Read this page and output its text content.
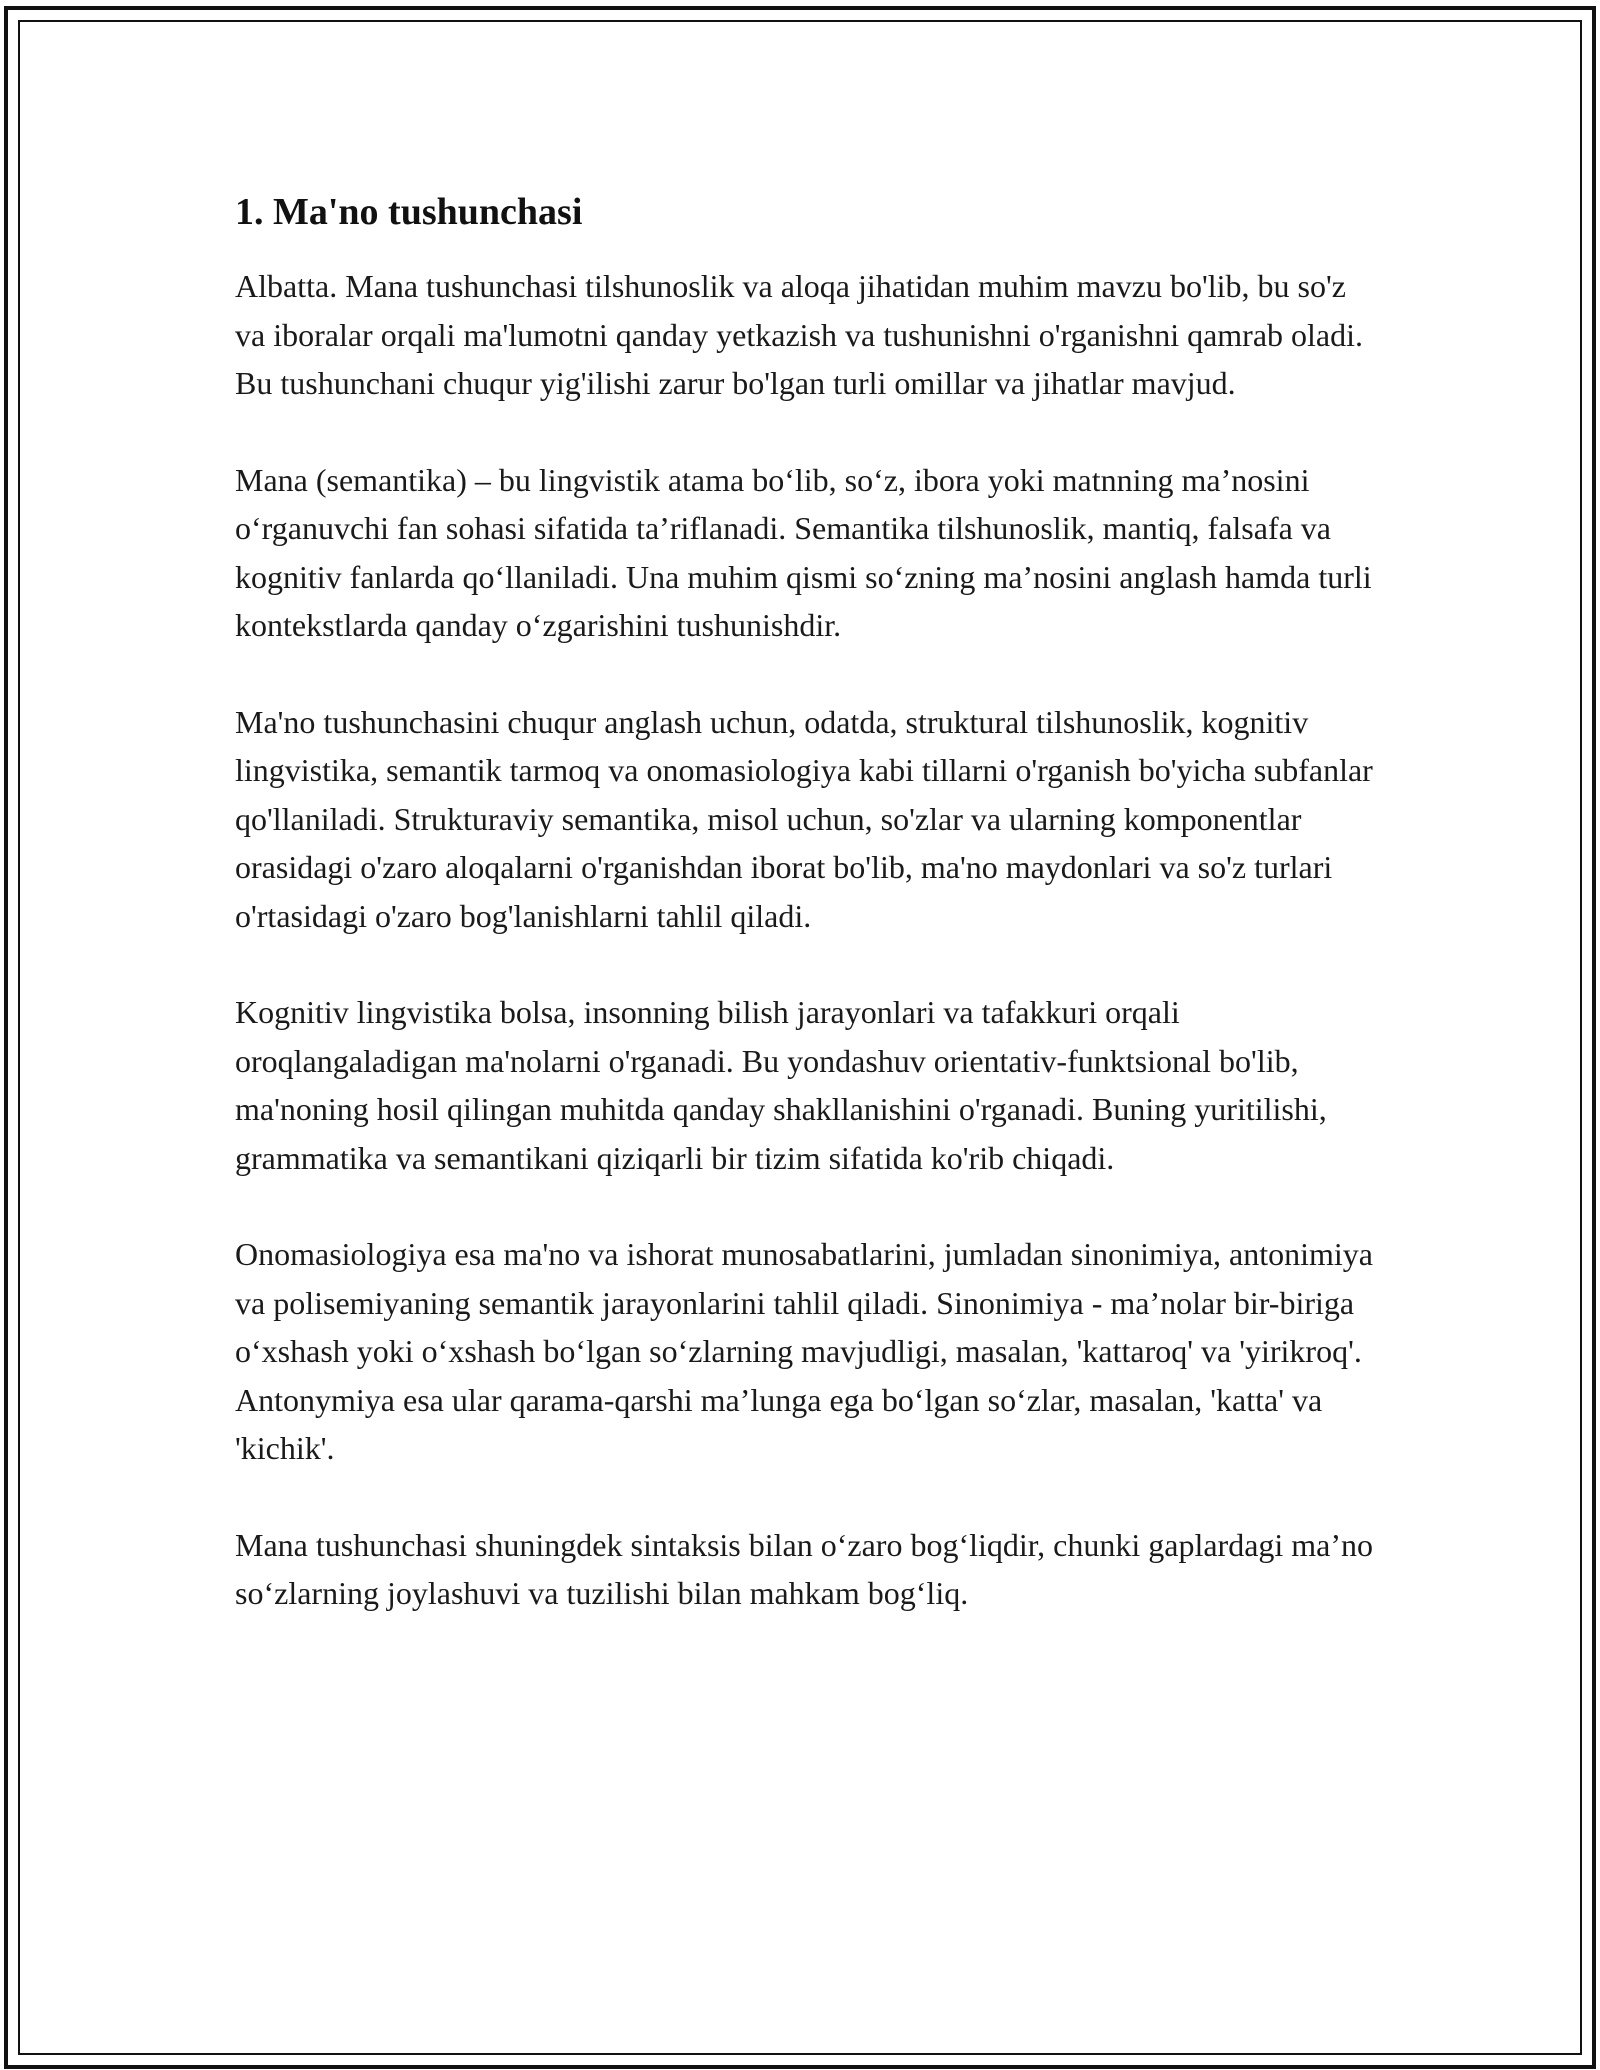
1. Ma'no tushunchasi

Albatta. Mana tushunchasi tilshunoslik va aloqa jihatidan muhim mavzu bo'lib, bu so'z va iboralar orqali ma'lumotni qanday yetkazish va tushunishni o'rganishni qamrab oladi. Bu tushunchani chuqur yig'ilishi zarur bo'lgan turli omillar va jihatlar mavjud.

Mana (semantika) – bu lingvistik atama bo‘lib, so‘z, ibora yoki matnning ma’nosini o‘rganuvchi fan sohasi sifatida ta’riflanadi. Semantika tilshunoslik, mantiq, falsafa va kognitiv fanlarda qo‘llaniladi. Una muhim qismi so‘zning ma’nosini anglash hamda turli kontekstlarda qanday o‘zgarishini tushunishdir.

Ma'no tushunchasini chuqur anglash uchun, odatda, struktural tilshunoslik, kognitiv lingvistika, semantik tarmoq va onomasiologiya kabi tillarni o'rganish bo'yicha subfanlar qo'llaniladi. Strukturaviy semantika, misol uchun, so'zlar va ularning komponentlar orasidagi o'zaro aloqalarni o'rganishdan iborat bo'lib, ma'no maydonlari va so'z turlari o'rtasidagi o'zaro bog'lanishlarni tahlil qiladi.

Kognitiv lingvistika bolsa, insonning bilish jarayonlari va tafakkuri orqali oroqlangaladigan ma'nolarni o'rganadi. Bu yondashuv orientativ-funktsional bo'lib, ma'noning hosil qilingan muhitda qanday shakllanishini o'rganadi. Buning yuritilishi, grammatika va semantikani qiziqarli bir tizim sifatida ko'rib chiqadi.

Onomasiologiya esa ma'no va ishorat munosabatlarini, jumladan sinonimiya, antonimiya va polisemiyaning semantik jarayonlarini tahlil qiladi. Sinonimiya - ma’nolar bir-biriga o‘xshash yoki o‘xshash bo‘lgan so‘zlarning mavjudligi, masalan, 'kattaroq' va 'yirikroq'. Antonymiya esa ular qarama-qarshi ma’lunga ega bo‘lgan so‘zlar, masalan, 'katta' va 'kichik'.

Mana tushunchasi shuningdek sintaksis bilan o‘zaro bog‘liqdir, chunki gaplardagi ma’no so‘zlarning joylashuvi va tuzilishi bilan mahkam bog‘liq.
